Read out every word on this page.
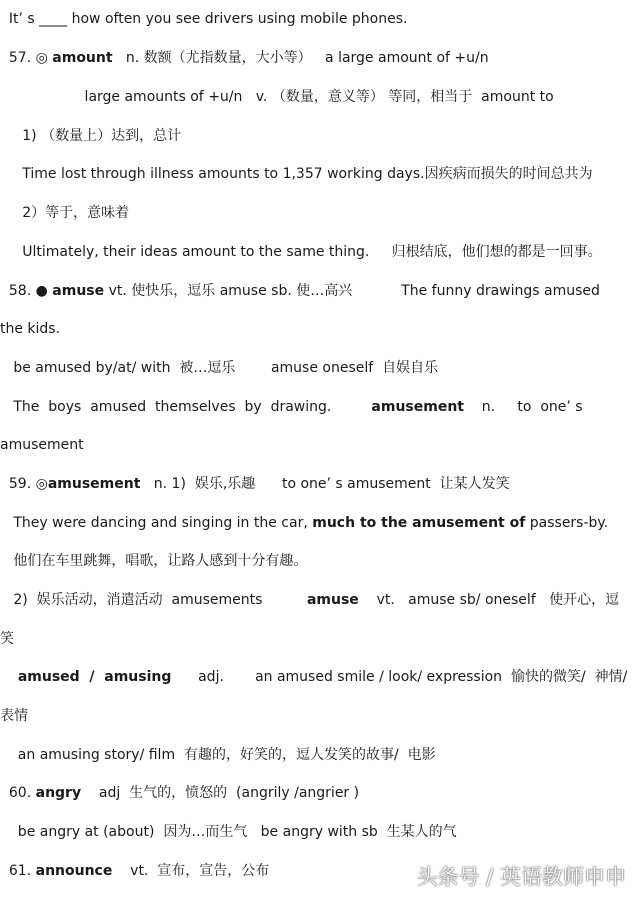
It’ s ____ how often you see drivers using mobile phones.
57. ◎ amount   n. 数额（尤指数量，大小等）   a large amount of +u/n
large amounts of +u/n   v. （数量，意义等） 等同，相当于  amount to
1) （数量上）达到，总计
Time lost through illness amounts to 1,357 working days.因疾病而损失的时间总共为
2）等于，意味着
Ultimately, their ideas amount to the same thing.     归根结底，他们想的都是一回事。
58. ● amuse vt. 使快乐，逗乐 amuse sb. 使…高兴           The funny drawings amused
the kids.
be amused by/at/ with  被…逗乐        amuse oneself  自娱自乐
The  boys  amused  themselves  by  drawing.         amusement    n.     to  one’ s
amusement
59. ◎amusement   n. 1)  娱乐,乐趣      to one’ s amusement  让某人发笑
They were dancing and singing in the car, much to the amusement of passers-by.
他们在车里跳舞，唱歌，让路人感到十分有趣。
2)  娱乐活动，消遣活动  amusements          amuse    vt.   amuse sb/ oneself   使开心，逗
笑
amused  /  amusing      adj.       an amused smile / look/ expression  愉快的微笑/  神情/
表情
an amusing story/ film  有趣的，好笑的，逗人发笑的故事/  电影
60. angry    adj  生气的，愤怒的  (angrily /angrier )
be angry at (about)  因为…而生气   be angry with sb  生某人的气
61. announce    vt.  宣布，宣告，公布	头条号 / 英语教师申申
